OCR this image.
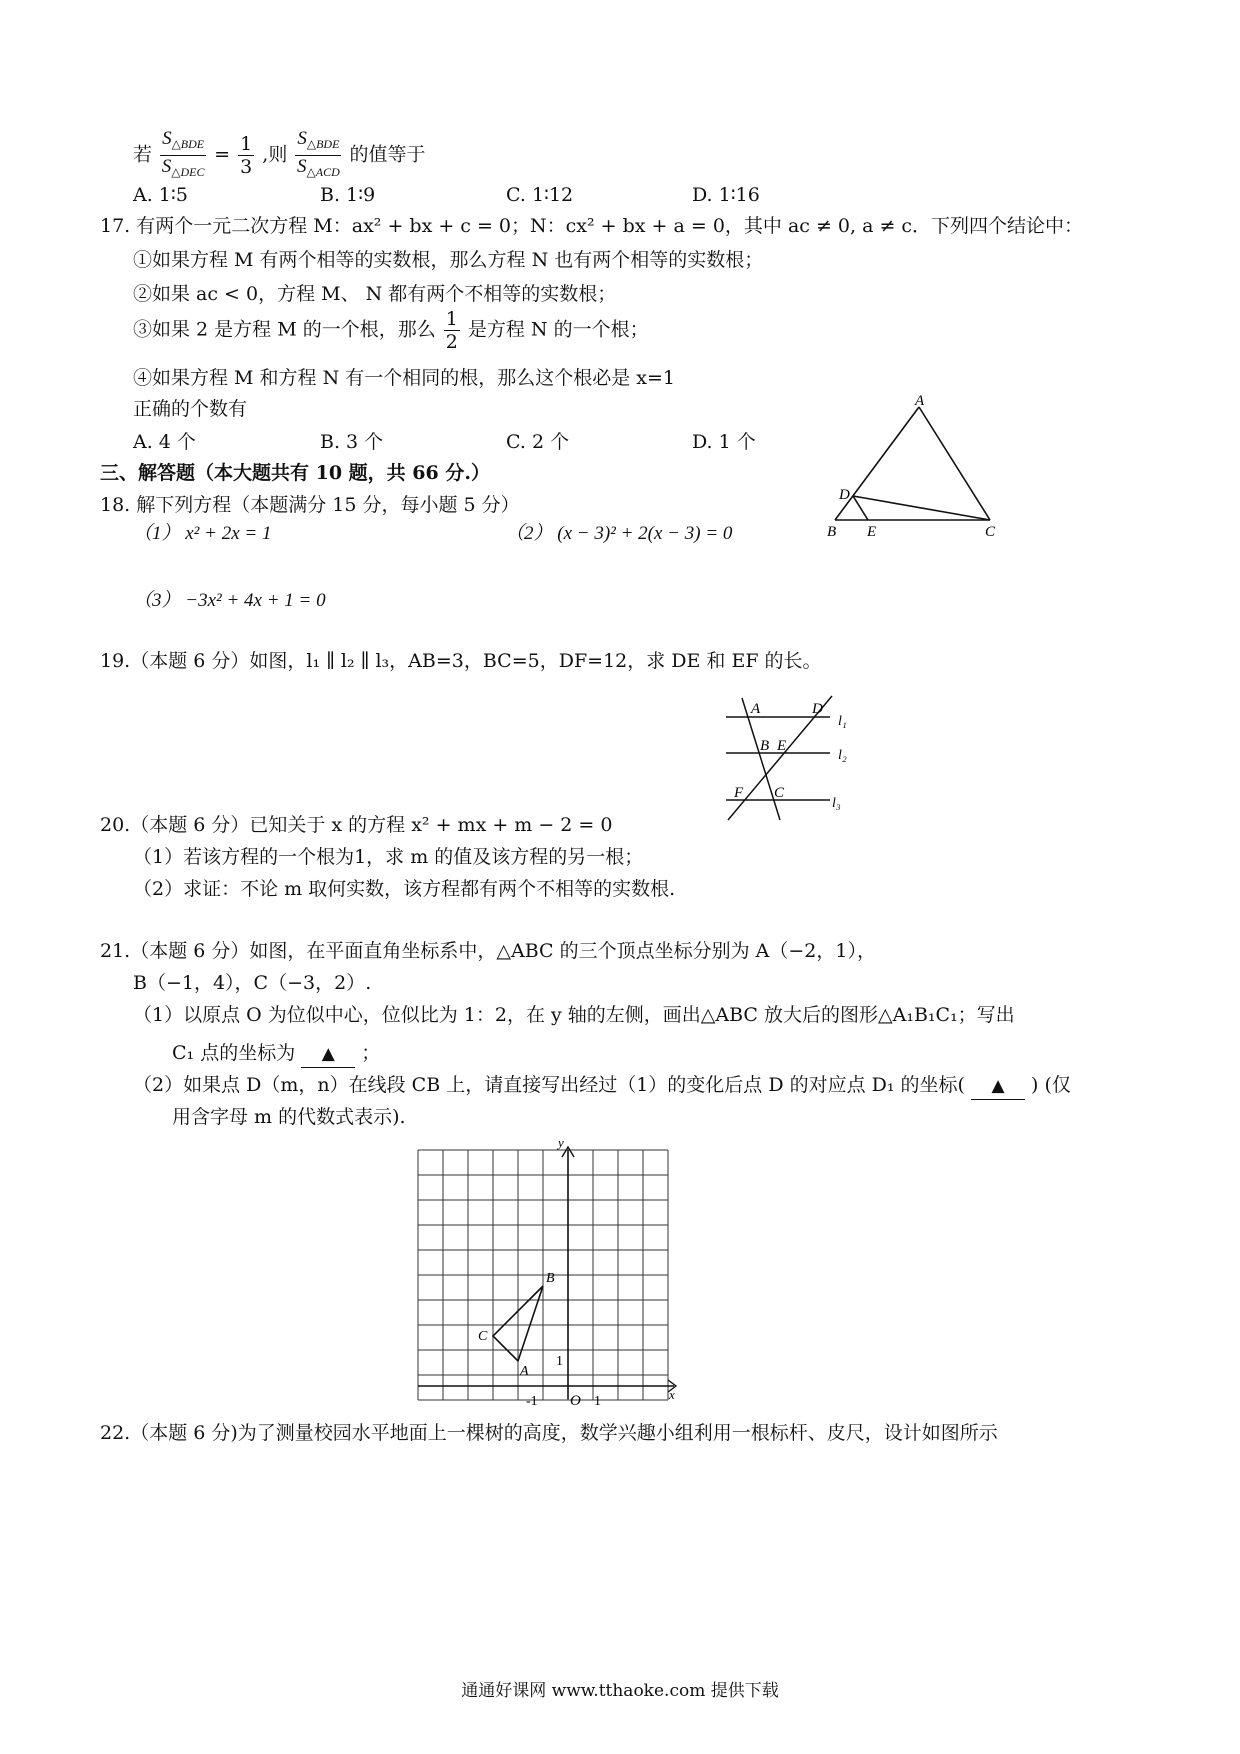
若 $\frac{S_{\triangle BDE}}{S_{\triangle DEC}} = \frac{1}{3}$ ,则 $\frac{S_{\triangle BDE}}{S_{\triangle ACD}}$ 的值等于
A. 1∶5	B. 1∶9	C. 1∶12	D. 1∶16
17. 有两个一元二次方程 M：ax² + bx + c = 0；N：cx² + bx + a = 0，其中 ac ≠ 0, a ≠ c．下列四个结论中：
①如果方程 M 有两个相等的实数根，那么方程 N 也有两个相等的实数根；
②如果 ac < 0，方程 M、 N 都有两个不相等的实数根；
③如果 2 是方程 M 的一个根，那么 $\frac{1}{2}$ 是方程 N 的一个根；
④如果方程 M 和方程 N 有一个相同的根，那么这个根必是 x=1
正确的个数有
A. 4 个	B. 3 个	C. 2 个	D. 1 个
A
D
B E	C
三、解答题（本大题共有 10 题，共 66 分.）
18. 解下列方程（本题满分 15 分，每小题 5 分）
（1） x² + 2x = 1	（2） (x − 3)² + 2(x − 3) = 0
（3） −3x² + 4x + 1 = 0
19.（本题 6 分）如图，l₁ ∥ l₂ ∥ l₃，AB=3，BC=5，DF=12，求 DE 和 EF 的长。
A	D
B E
F C
l₁
l₂
l₃
20.（本题 6 分）已知关于 x 的方程 x² + mx + m − 2 = 0
（1）若该方程的一个根为1，求 m 的值及该方程的另一根；
（2）求证：不论 m 取何实数，该方程都有两个不相等的实数根.
21.（本题 6 分）如图，在平面直角坐标系中，△ABC 的三个顶点坐标分别为 A（−2，1），
B（−1，4），C（−3，2）.
（1）以原点 O 为位似中心，位似比为 1：2，在 y 轴的左侧，画出△ABC 放大后的图形△A₁B₁C₁；写出
C₁ 点的坐标为 ▲ ；
（2）如果点 D（m，n）在线段 CB 上，请直接写出经过（1）的变化后点 D 的对应点 D₁ 的坐标( ▲ ) (仅
用含字母 m 的代数式表示).
y
x
O
-1	1
1
A
B
C
22.（本题 6 分)为了测量校园水平地面上一棵树的高度，数学兴趣小组利用一根标杆、皮尺，设计如图所示
通通好课网 www.tthaoke.com 提供下载
